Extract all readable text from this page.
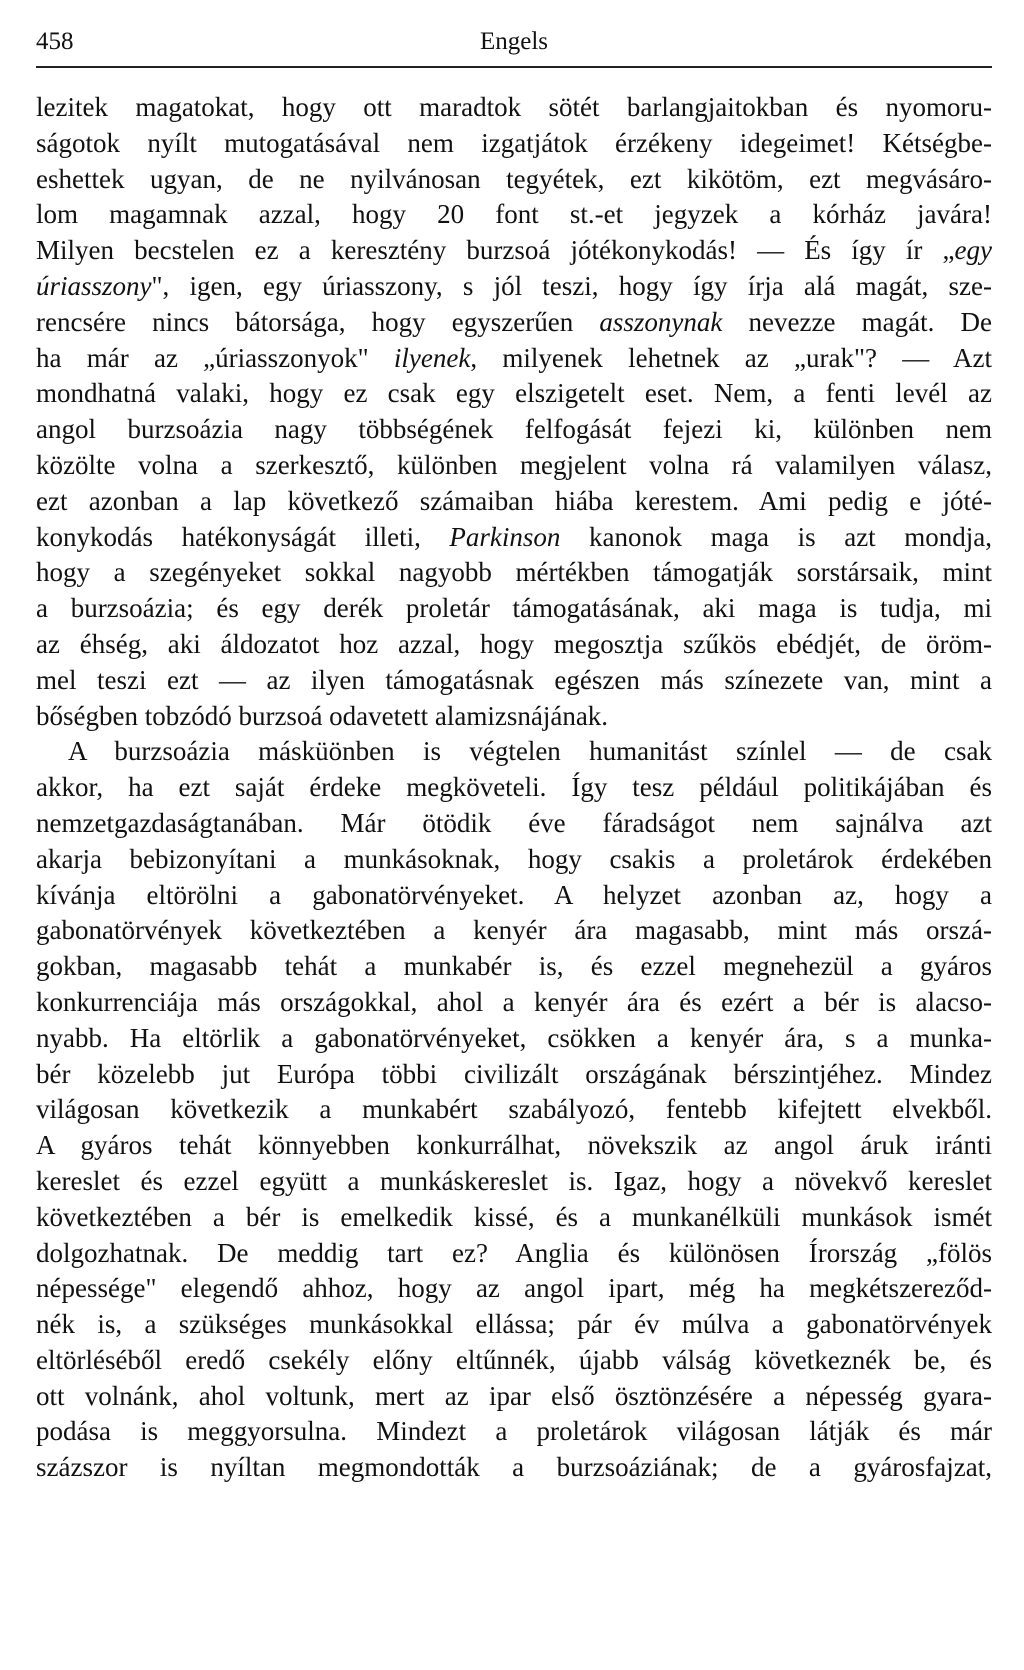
458	Engels
lezitek magatokat, hogy ott maradtok sötét barlangjaitokban és nyomoru-
ságotok nyílt mutogatásával nem izgatjátok érzékeny idegeimet! Kétségbe-
eshettek ugyan, de ne nyilvánosan tegyétek, ezt kikötöm, ezt megvásáro-
lom magamnak azzal, hogy 20 font st.-et jegyzek a kórház javára!
Milyen becstelen ez a keresztény burzsoá jótékonykodás! — És így ír „egy
úriasszony", igen, egy úriasszony, s jól teszi, hogy így írja alá magát, sze-
rencsére nincs bátorsága, hogy egyszerűen asszonynak nevezze magát. De
ha már az „úriasszonyok" ilyenek, milyenek lehetnek az „urak"? — Azt
mondhatná valaki, hogy ez csak egy elszigetelt eset. Nem, a fenti levél az
angol burzsoázia nagy többségének felfogását fejezi ki, különben nem
közölte volna a szerkesztő, különben megjelent volna rá valamilyen válasz,
ezt azonban a lap következő számaiban hiába kerestem. Ami pedig e jóté-
konykodás hatékonyságát illeti, Parkinson kanonok maga is azt mondja,
hogy a szegényeket sokkal nagyobb mértékben támogatják sorstársaik, mint
a burzsoázia; és egy derék proletár támogatásának, aki maga is tudja, mi
az éhség, aki áldozatot hoz azzal, hogy megosztja szűkös ebédjét, de öröm-
mel teszi ezt — az ilyen támogatásnak egészen más színezete van, mint a
bőségben tobzódó burzsoá odavetett alamizsnájának.
A burzsoázia másküönben is végtelen humanitást színlel — de csak
akkor, ha ezt saját érdeke megköveteli. Így tesz például politikájában és
nemzetgazdaságtanában. Már ötödik éve fáradságot nem sajnálva azt
akarja bebizonyítani a munkásoknak, hogy csakis a proletárok érdekében
kívánja eltörölni a gabonatörvényeket. A helyzet azonban az, hogy a
gabonatörvények következtében a kenyér ára magasabb, mint más orszá-
gokban, magasabb tehát a munkabér is, és ezzel megnehezül a gyáros
konkurrenciája más országokkal, ahol a kenyér ára és ezért a bér is alacso-
nyabb. Ha eltörlik a gabonatörvényeket, csökken a kenyér ára, s a munka-
bér közelebb jut Európa többi civilizált országának bérszintjéhez. Mindez
világosan következik a munkabért szabályozó, fentebb kifejtett elvekből.
A gyáros tehát könnyebben konkurrálhat, növekszik az angol áruk iránti
kereslet és ezzel együtt a munkáskereslet is. Igaz, hogy a növekvő kereslet
következtében a bér is emelkedik kissé, és a munkanélküli munkások ismét
dolgozhatnak. De meddig tart ez? Anglia és különösen Írország „fölös
népessége" elegendő ahhoz, hogy az angol ipart, még ha megkétszereződ-
nék is, a szükséges munkásokkal ellássa; pár év múlva a gabonatörvények
eltörléséből eredő csekély előny eltűnnék, újabb válság következnék be, és
ott volnánk, ahol voltunk, mert az ipar első ösztönzésére a népesség gyara-
podása is meggyorsulna. Mindezt a proletárok világosan látják és már
százszor is nyíltan megmondották a burzsoáziának; de a gyárosfajzat,
